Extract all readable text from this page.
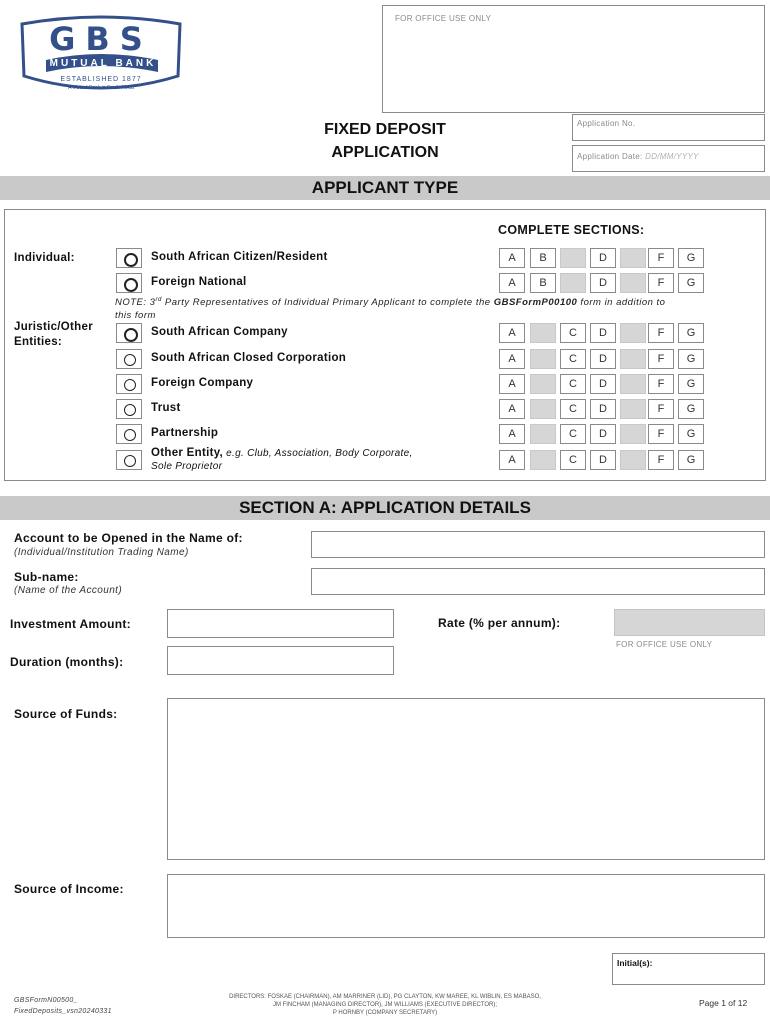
GBS
MUTUAL BANK
ESTABLISHED 1877
A Mutual Bank in South Africa
FOR OFFICE USE ONLY
FIXED DEPOSIT
APPLICATION
Application No.
Application Date: DD/MM/YYYY
APPLICANT TYPE
COMPLETE SECTIONS:
Individual:
Juristic/Other
Entities:
South African Citizen/Resident	A	B	D	F	G
Foreign National	A	B	D	F	G
South African Company	A	C	D	F	G
South African Closed Corporation	A	C	D	F	G
Foreign Company	A	C	D	F	G
Trust	A	C	D	F	G
Partnership	A	C	D	F	G
Other Entity, e.g. Club, Association, Body Corporate,
Sole Proprietor
A	C	D	F	G
NOTE: 3rd Party Representatives of Individual Primary Applicant to complete the GBSFormP00100 form in addition to
this form
SECTION A: APPLICATION DETAILS
Account to be Opened in the Name of:
(Individual/Institution Trading Name)
Sub-name:
(Name of the Account)
Investment Amount:	Rate (% per annum):
FOR OFFICE USE ONLY
Duration (months):
Source of Funds:
Source of Income:
Initial(s):
GBSFormN00500_
FixedDeposits_vsn20240331
DIRECTORS: FOSKAE (CHAIRMAN), AM MARRINER (LID), PG CLAYTON, KW MAREE, KL WIBLIN, ES MABASO,
JM FINCHAM (MANAGING DIRECTOR), JM WILLIAMS (EXECUTIVE DIRECTOR);
P HORNBY (COMPANY SECRETARY)
Page 1 of 12
